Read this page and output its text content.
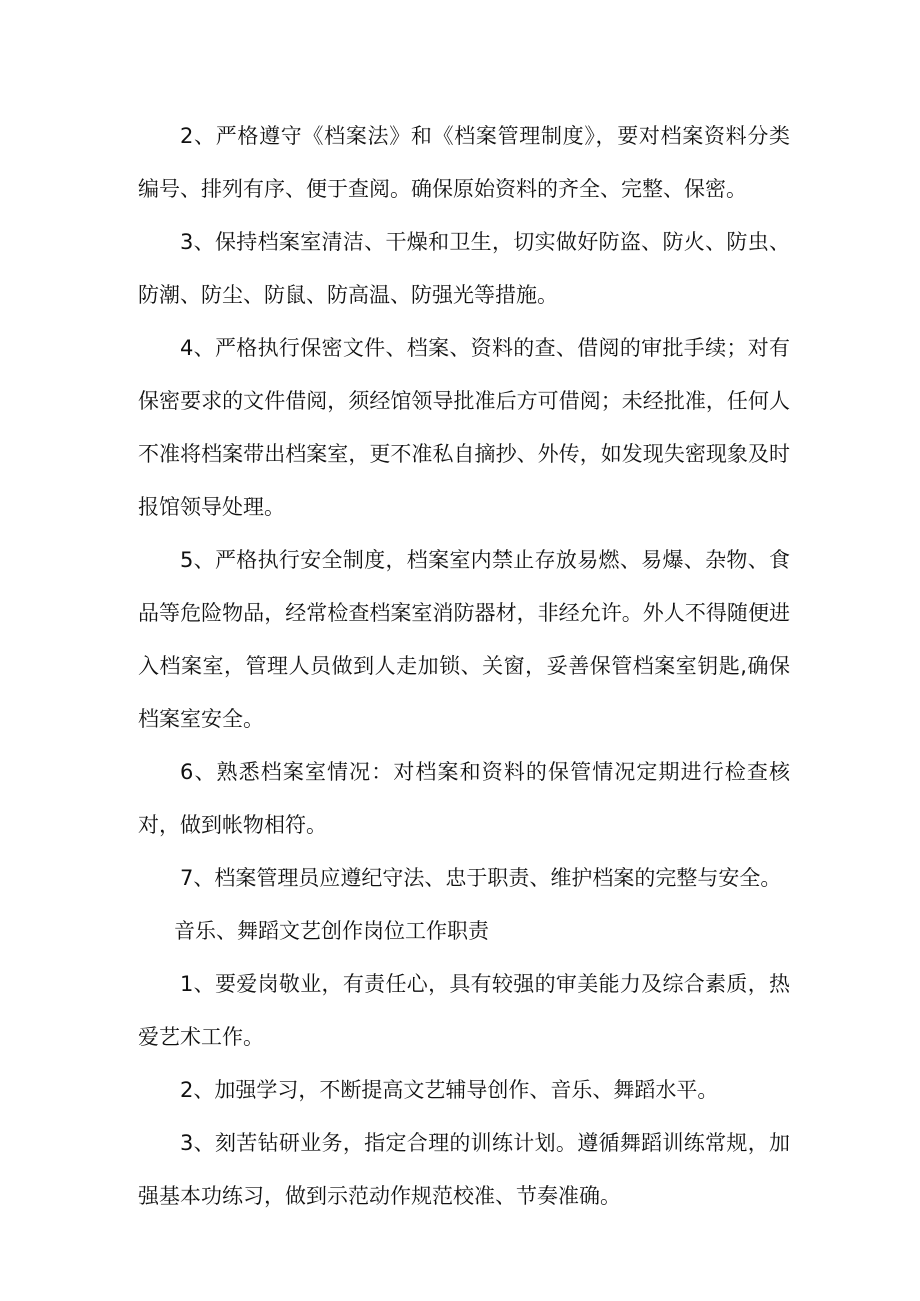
2、严格遵守《档案法》和《档案管理制度》，要对档案资料分类编号、排列有序、便于查阅。确保原始资料的齐全、完整、保密。

3、保持档案室清洁、干燥和卫生，切实做好防盗、防火、防虫、防潮、防尘、防鼠、防高温、防强光等措施。

4、严格执行保密文件、档案、资料的查、借阅的审批手续；对有保密要求的文件借阅，须经馆领导批准后方可借阅；未经批准，任何人不准将档案带出档案室，更不准私自摘抄、外传，如发现失密现象及时报馆领导处理。

5、严格执行安全制度，档案室内禁止存放易燃、易爆、杂物、食品等危险物品，经常检查档案室消防器材，非经允许。外人不得随便进入档案室，管理人员做到人走加锁、关窗，妥善保管档案室钥匙,确保档案室安全。

6、熟悉档案室情况：对档案和资料的保管情况定期进行检查核对，做到帐物相符。

7、档案管理员应遵纪守法、忠于职责、维护档案的完整与安全。

音乐、舞蹈文艺创作岗位工作职责

1、要爱岗敬业，有责任心，具有较强的审美能力及综合素质，热爱艺术工作。

2、加强学习，不断提高文艺辅导创作、音乐、舞蹈水平。

3、刻苦钻研业务，指定合理的训练计划。遵循舞蹈训练常规，加强基本功练习，做到示范动作规范校准、节奏准确。
